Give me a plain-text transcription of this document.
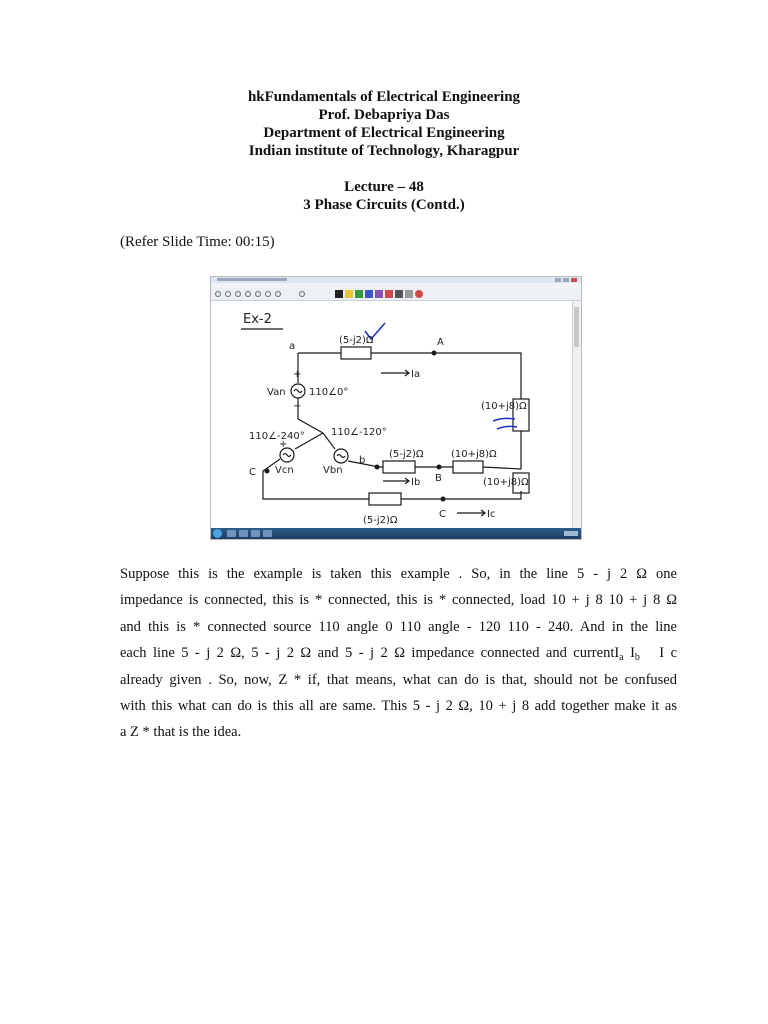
hkFundamentals of Electrical Engineering
Prof. Debapriya Das
Department of Electrical Engineering
Indian institute of Technology, Kharagpur
Lecture – 48
3 Phase Circuits (Contd.)
(Refer Slide Time: 00:15)
Ex-2
(5-j2)Ω
a	A
Ia
+
Van 110∠0°
−	(10+j8)Ω
110∠-120°
110∠-240°
(5-j2)Ω	(10+j8)Ω
b
B
Ib
Vcn	Vbn
C
+
(10+j8)Ω
C	Ic
(5-j2)Ω
Suppose this is the example is taken this example . So, in the line 5 - j 2 Ω one
impedance is connected, this is * connected, this is * connected, load 10 + j 8 10 + j 8 Ω
and this is * connected source 110 angle 0 110 angle - 120 110 - 240. And in the line
each line 5 - j 2 Ω, 5 - j 2 Ω and 5 - j 2 Ω impedance connected and currentI$_a$ $I_b$   I c
already given . So, now, Z * if, that means, what can do is that, should not be confused
with this what can do is this all are same. This 5 - j 2 Ω, 10 + j 8 add together make it as
a Z * that is the idea.
